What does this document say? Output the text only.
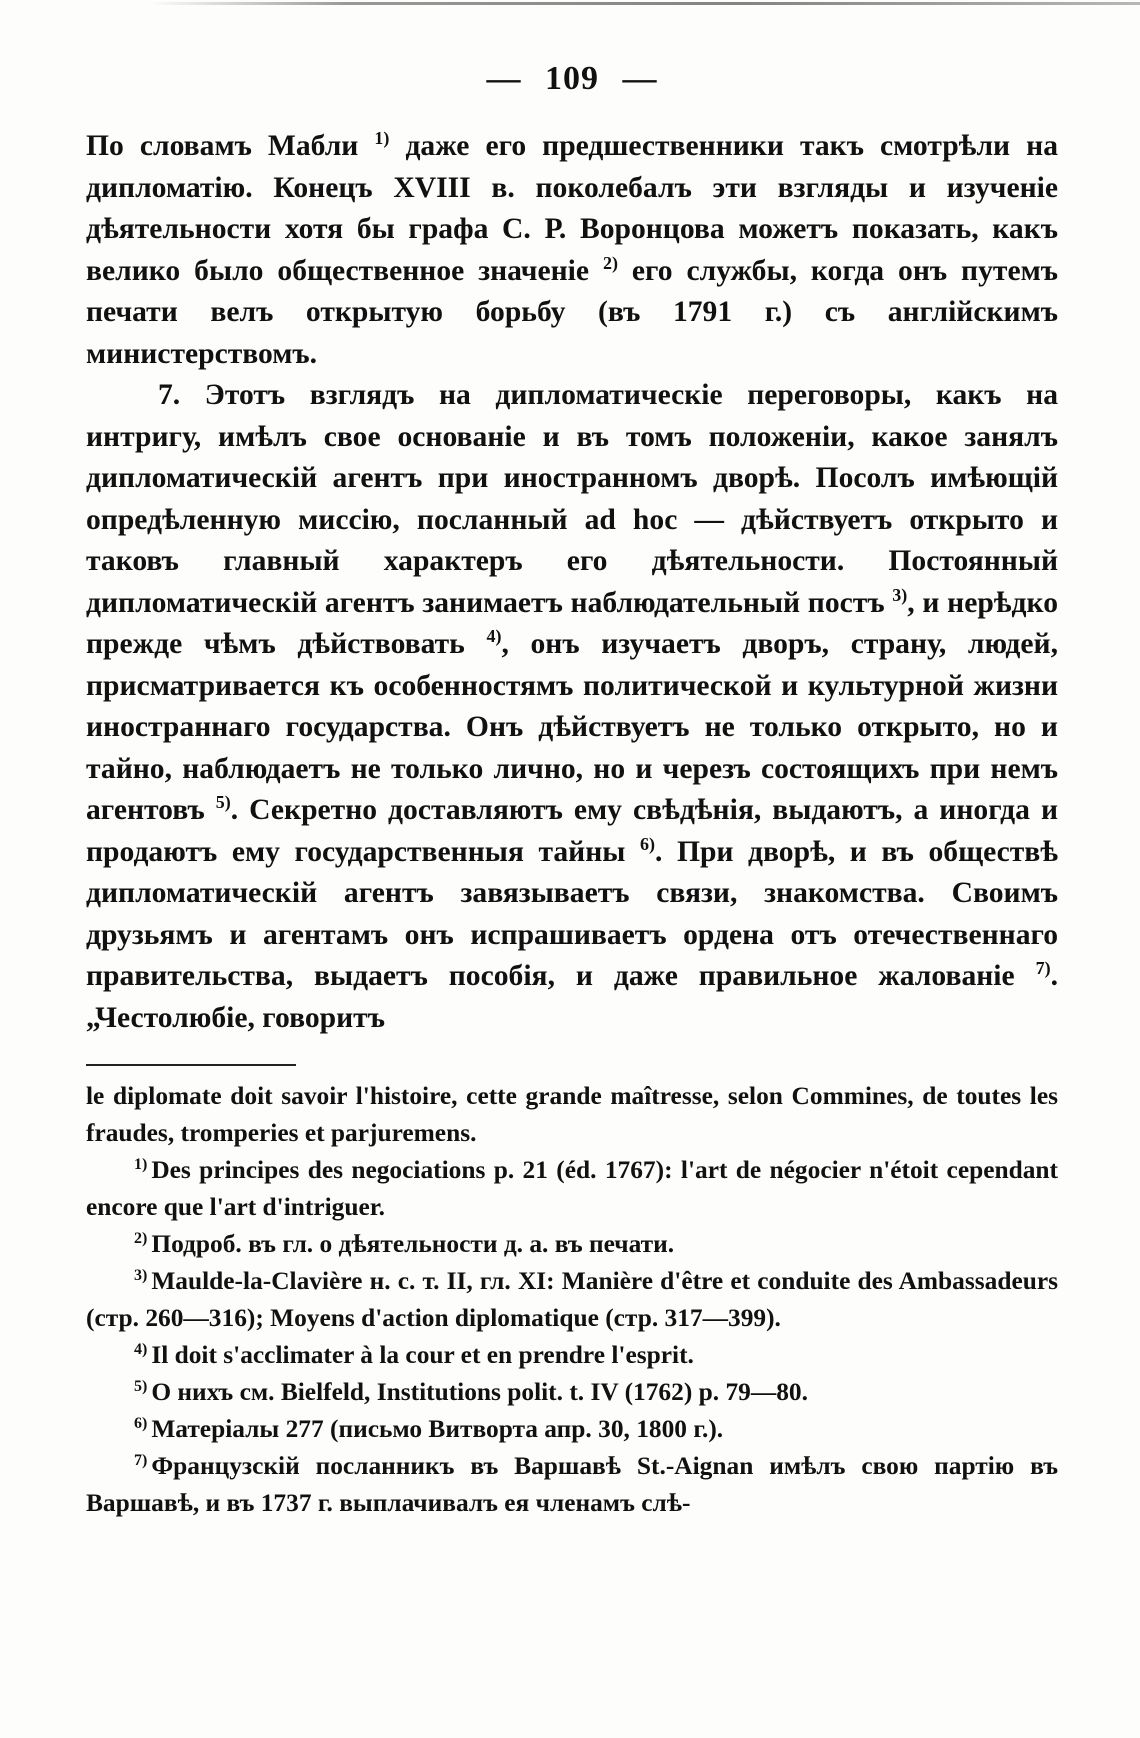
— 109 —

По словамъ Мабли $^{1)}$ даже его предшественники такъ смотрѣли на дипломатію. Конецъ XVIII в. поколебалъ эти взгляды и изученіе дѣятельности хотя бы графа С. Р. Воронцова можетъ показать, какъ велико было общественное значеніе $^{2)}$ его службы, когда онъ путемъ печати велъ открытую борьбу (въ 1791 г.) съ англійскимъ министерствомъ.

7. Этотъ взглядъ на дипломатическіе переговоры, какъ на интригу, имѣлъ свое основаніе и въ томъ положеніи, какое занялъ дипломатическій агентъ при иностранномъ дворѣ. Посолъ имѣющій опредѣленную миссію, посланный ad hoc — дѣйствуетъ открыто и таковъ главный характеръ его дѣятельности. Постоянный дипломатическій агентъ занимаетъ наблюдательный постъ $^{3)}$, и нерѣдко прежде чѣмъ дѣйствовать $^{4)}$, онъ изучаетъ дворъ, страну, людей, присматривается къ особенностямъ политической и культурной жизни иностраннаго государства. Онъ дѣйствуетъ не только открыто, но и тайно, наблюдаетъ не только лично, но и черезъ состоящихъ при немъ агентовъ $^{5)}$. Секретно доставляютъ ему свѣдѣнія, выдаютъ, а иногда и продаютъ ему государственныя тайны $^{6)}$. При дворѣ, и въ обществѣ дипломатическій агентъ завязываетъ связи, знакомства. Своимъ друзьямъ и агентамъ онъ испрашиваетъ ордена отъ отечественнаго правительства, выдаетъ пособія, и даже правильное жалованіе $^{7)}$. „Честолюбіе, говоритъ

le diplomate doit savoir l'histoire, cette grande maîtresse, selon Commines, de toutes les fraudes, tromperies et parjuremens.

$^{1)}$ Des principes des negociations p. 21 (éd. 1767): l'art de négocier n'étoit cependant encore que l'art d'intriguer.

$^{2)}$ Подроб. въ гл. о дѣятельности д. а. въ печати.

$^{3)}$ Maulde-la-Clavière н. с. т. II, гл. XI: Manière d'être et conduite des Ambassadeurs (стр. 260—316); Moyens d'action diplomatique (стр. 317—399).

$^{4)}$ Il doit s'acclimater à la cour et en prendre l'esprit.

$^{5)}$ О нихъ см. Bielfeld, Institutions polit. t. IV (1762) p. 79—80.

$^{6)}$ Матеріалы 277 (письмо Витворта апр. 30, 1800 г.).

$^{7)}$ Французскій посланникъ въ Варшавѣ St.-Aignan имѣлъ свою партію въ Варшавѣ, и въ 1737 г. выплачивалъ ея членамъ слѣ-
